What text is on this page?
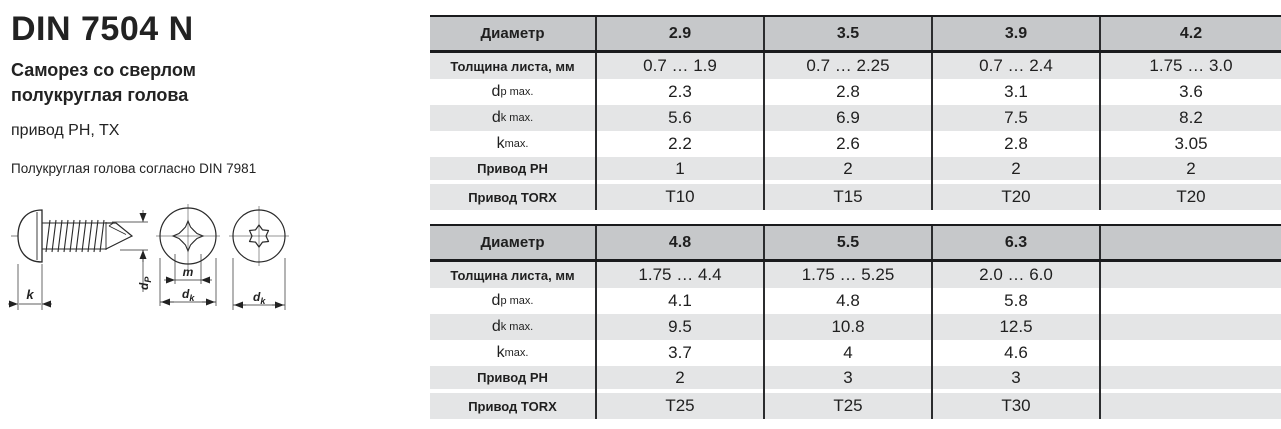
DIN 7504 N
Саморез со сверлом
полукруглая голова
привод PH, TX
Полукруглая голова согласно DIN 7981
k
$d_P$
m
$d_k$	$d_k$
Диаметр	2.9	3.5	3.9	4.2
Толщина листа, мм	0.7 … 1.9	0.7 … 2.25	0.7 … 2.4	1.75 … 3.0
d p max.	2.3	2.8	3.1	3.6
d k max.	5.6	6.9	7.5	8.2
k max.	2.2	2.6	2.8	3.05
Привод PH	1	2	2	2
Привод TORX	T10	T15	T20	T20
Диаметр	4.8	5.5	6.3
Толщина листа, мм	1.75 … 4.4	1.75 … 5.25	2.0 … 6.0
d p max.	4.1	4.8	5.8
d k max.	9.5	10.8	12.5
k max.	3.7	4	4.6
Привод PH	2	3	3
Привод TORX	T25	T25	T30
